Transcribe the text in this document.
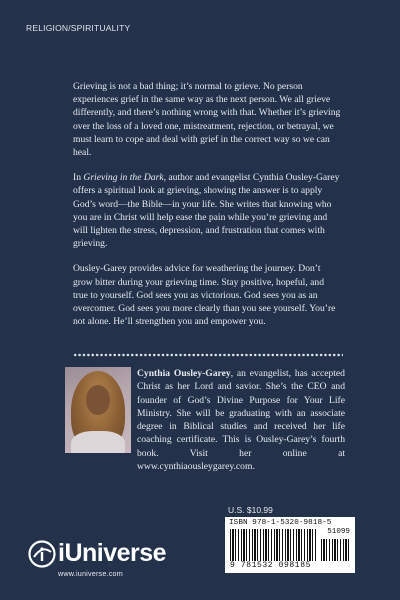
RELIGION/SPIRITUALITY

Grieving is not a bad thing; it’s normal to grieve. No person experiences grief in the same way as the next person. We all grieve differently, and there’s nothing wrong with that. Whether it’s grieving over the loss of a loved one, mistreatment, rejection, or betrayal, we must learn to cope and deal with grief in the correct way so we can heal.

In Grieving in the Dark, author and evangelist Cynthia Ousley-Garey offers a spiritual look at grieving, showing the answer is to apply God’s word—the Bible—in your life. She writes that knowing who you are in Christ will help ease the pain while you’re grieving and will lighten the stress, depression, and frustration that comes with grieving.

Ousley-Garey provides advice for weathering the journey. Don’t grow bitter during your grieving time. Stay positive, hopeful, and true to yourself. God sees you as victorious. God sees you as an overcomer. God sees you more clearly than you see yourself. You’re not alone. He’ll strengthen you and empower you.

Cynthia Ousley-Garey, an evangelist, has accepted Christ as her Lord and savior. She’s the CEO and founder of God’s Divine Purpose for Your Life Ministry. She will be graduating with an associate degree in Biblical studies and received her life coaching certificate. This is Ousley-Garey’s fourth book. Visit her online at www.cynthiaousleygarey.com.
U.S. $10.99
ISBN 978-1-5320-9818-5
51099
9 781532 098185
iUniverse
www.iuniverse.com
